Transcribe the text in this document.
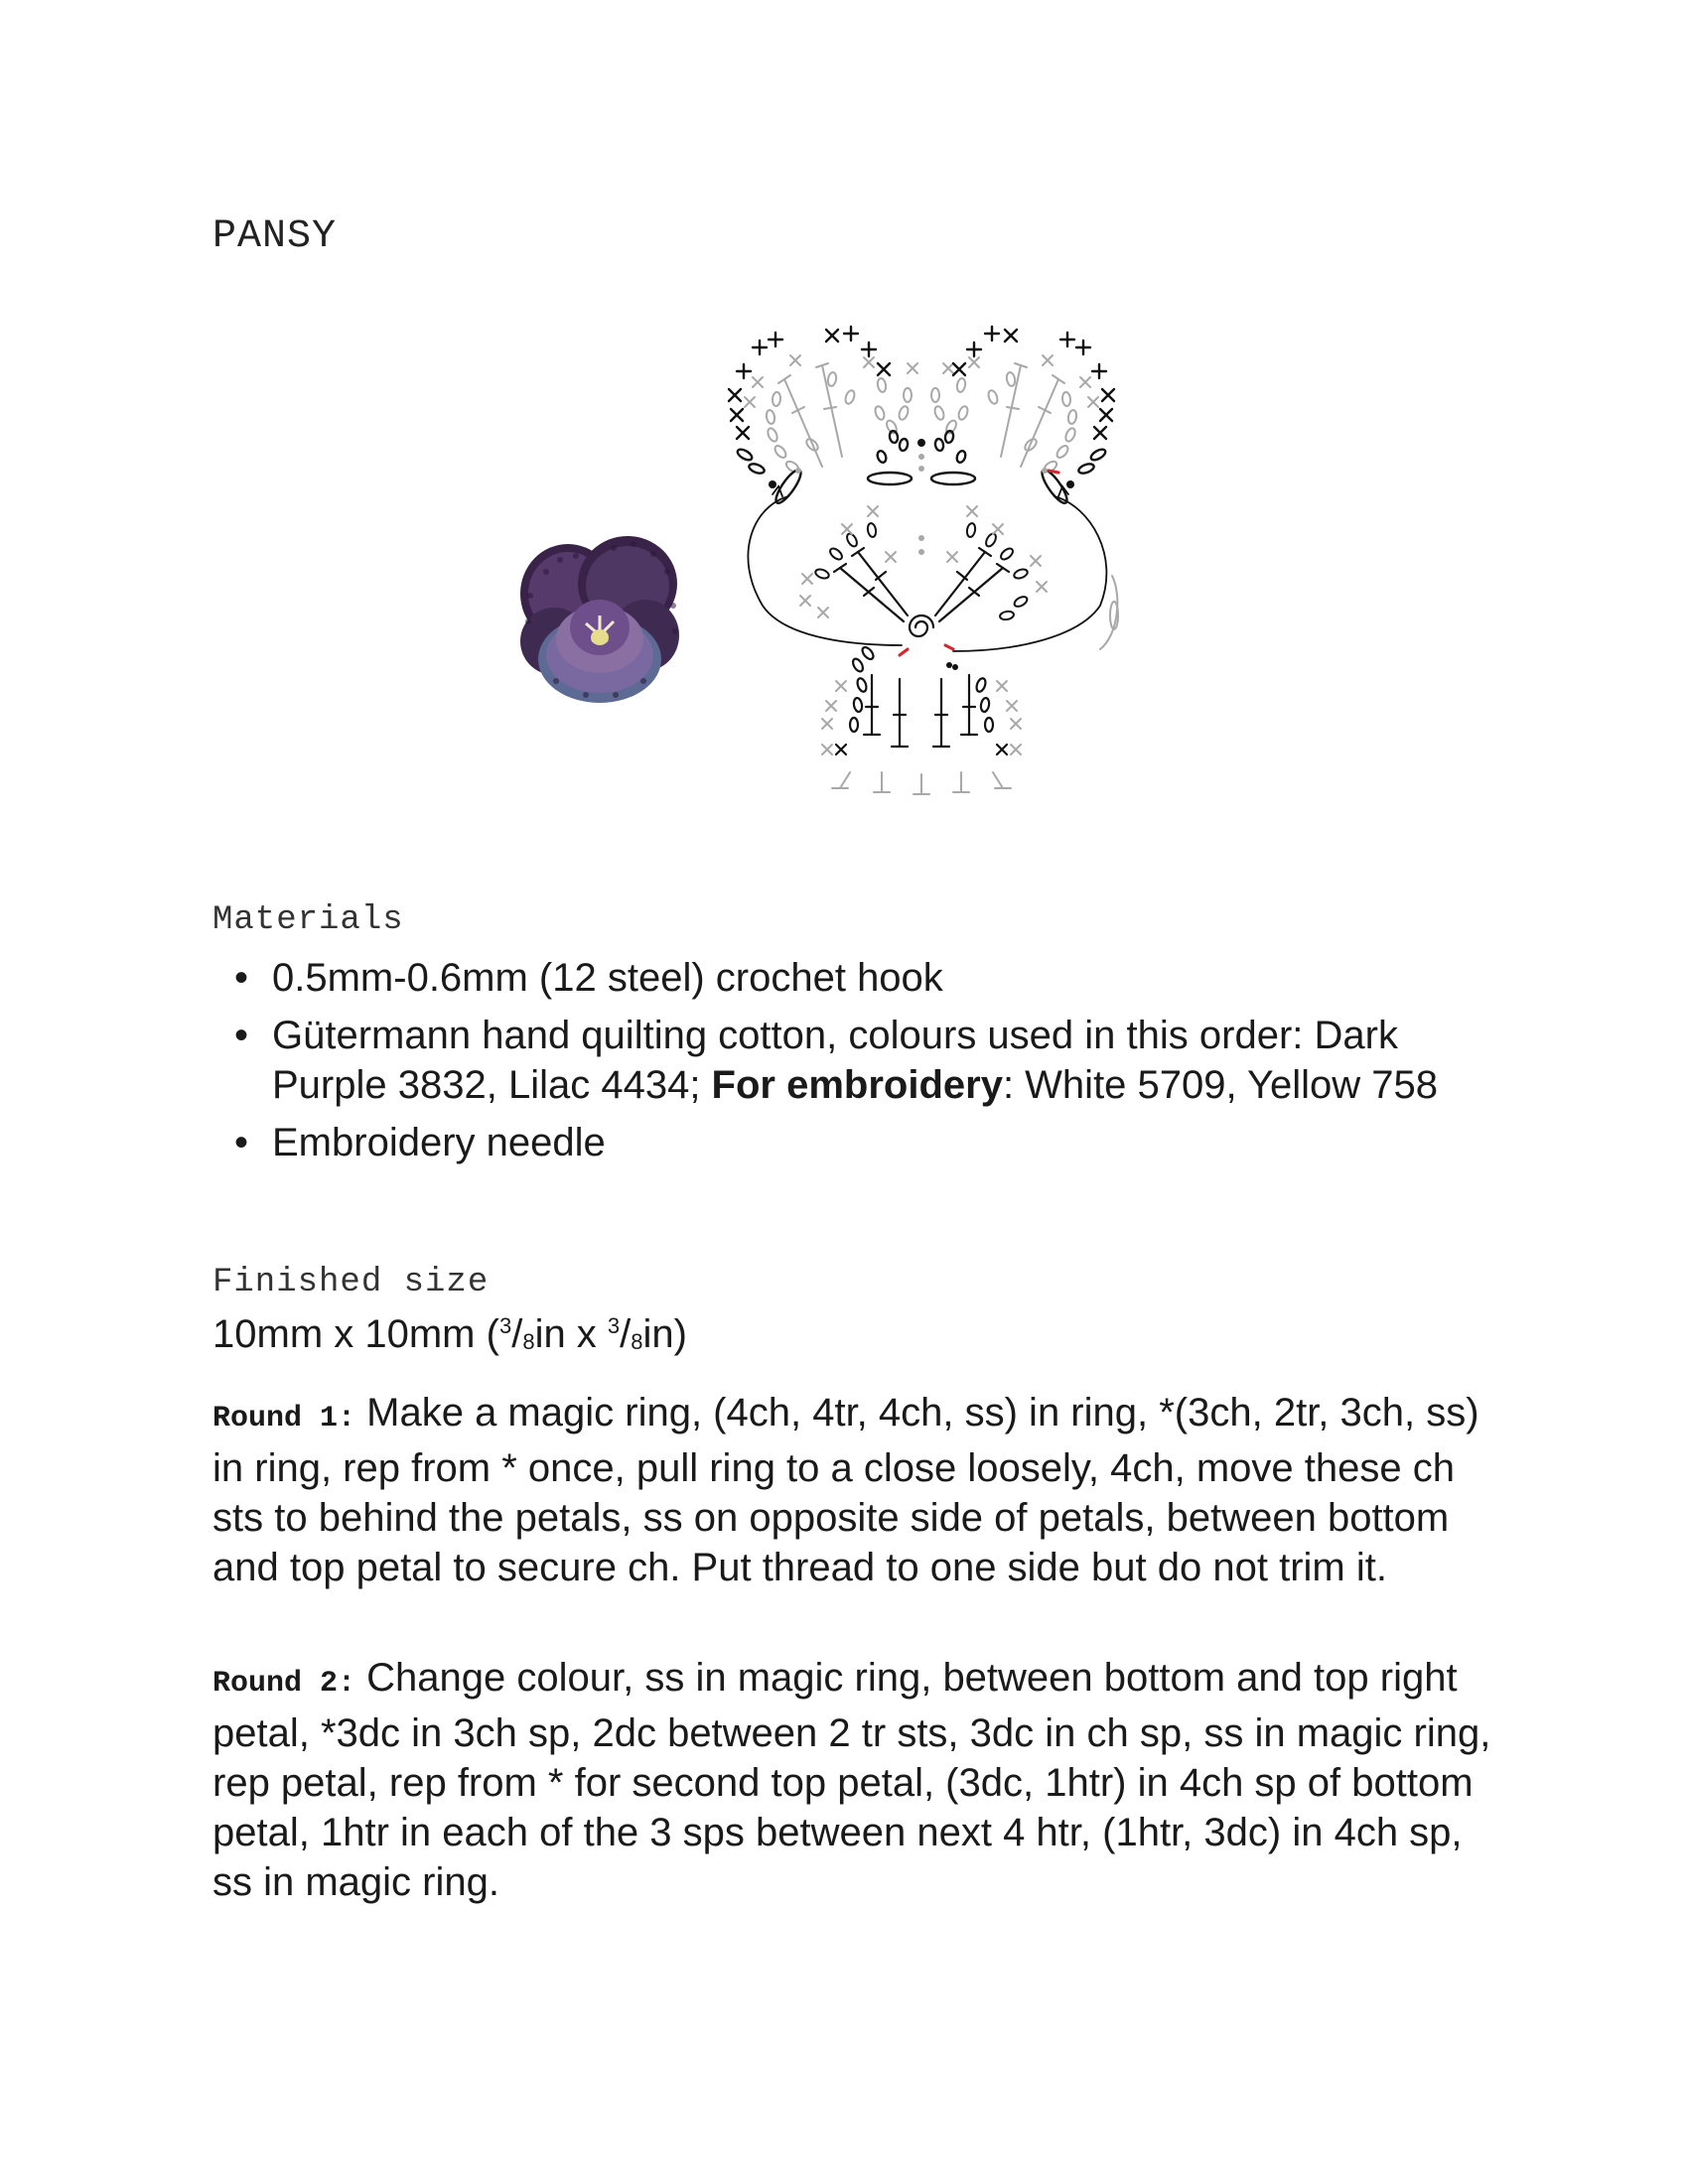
PANSY
Materials
• 0.5mm-0.6mm (12 steel) crochet hook
• Gütermann hand quilting cotton, colours used in this order: Dark Purple 3832, Lilac 4434; For embroidery: White 5709, Yellow 758
• Embroidery needle
Finished size
10mm x 10mm ($^3/_8in$ x $^3/_8in$)
Round 1: Make a magic ring, (4ch, 4tr, 4ch, ss) in ring, *(3ch, 2tr, 3ch, ss) in ring, rep from * once, pull ring to a close loosely, 4ch, move these ch sts to behind the petals, ss on opposite side of petals, between bottom and top petal to secure ch. Put thread to one side but do not trim it.
Round 2: Change colour, ss in magic ring, between bottom and top right petal, *3dc in 3ch sp, 2dc between 2 tr sts, 3dc in ch sp, ss in magic ring, rep petal, rep from * for second top petal, (3dc, 1htr) in 4ch sp of bottom petal, 1htr in each of the 3 sps between next 4 htr, (1htr, 3dc) in 4ch sp, ss in magic ring.
